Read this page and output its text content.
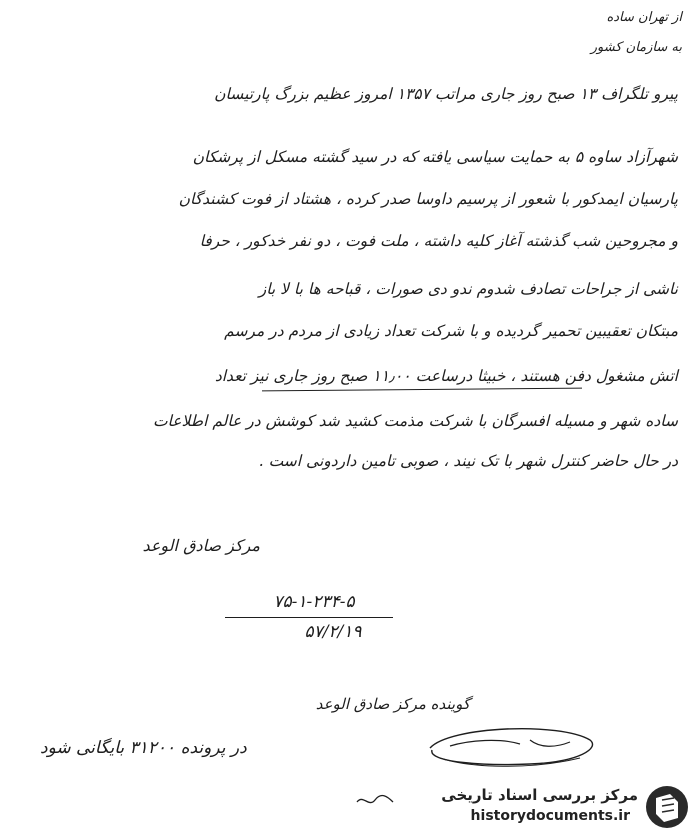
از تهران ساده
به سازمان کشور
پیرو تلگراف ۱۳ صبح روز جاری مراتب ۱۳۵۷ امروز عظیم بزرگ پارتیسان
شهرآزاد ساوه ۵ به حمایت سیاسی یافته که در سید گشته مسکل از پرشکان
پارسیان ایمدکور با شعور از پرسیم داوسا صدر کرده ، هشتاد از فوت کشندگان
و مجروحین شب گذشته آغاز کلیه داشته ، ملت فوت ، دو نفر خدکور ، حرفا
ناشی از جراحات تصادف شدوم ندو دی صورات ، قباحه ها با لا باز
مبتکان تعقیبین تحمیر گردیده و با شرکت تعداد زیادی از مردم در مرسم
اتش مشغول دفن هستند ، خبیثا درساعت ۱۱٫۰۰ صبح روز جاری نیز تعداد
ساده شهر و مسیله افسرگان با شرکت مذمت کشید شد کوشش در عالم اطلاعات
در حال حاضر کنترل شهر با تک نیند ، صوبی تامین داردونی است .
مرکز صادق الوعد
۷۵-۱-۲۳۴-۵
۵۷/۲/۱۹
گوینده مرکز صادق الوعد
در پرونده ۳۱۲۰۰ بایگانی شود
مرکز بررسی اسناد تاریخی
historydocuments.ir
